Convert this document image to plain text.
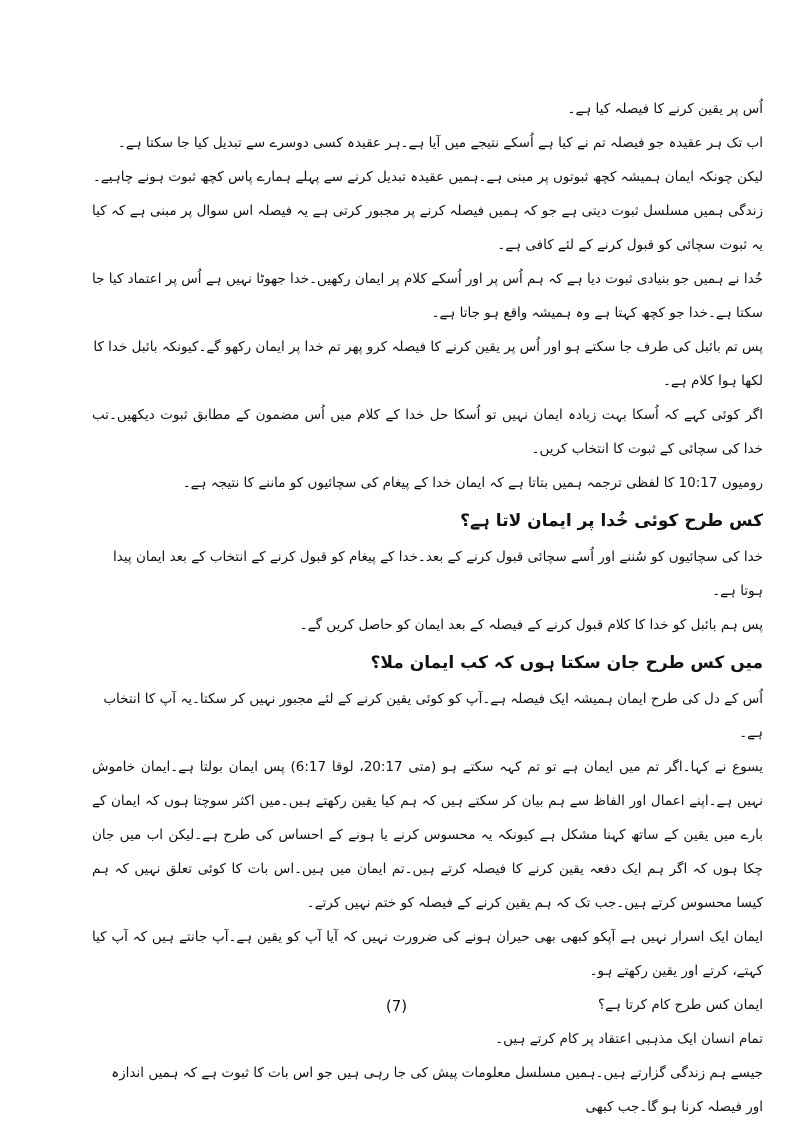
اُس پر یقین کرنے کا فیصلہ کیا ہے۔

اب تک ہر عقیدہ جو فیصلہ تم نے کیا ہے اُسکے نتیجے میں آیا ہے۔ہر عقیدہ کسی دوسرے سے تبدیل کیا جا سکتا ہے۔

لیکن چونکہ ایمان ہمیشہ کچھ ثبوتوں پر مبنی ہے۔ہمیں عقیدہ تبدیل کرنے سے پہلے ہمارے پاس کچھ ثبوت ہونے چاہیے۔

زندگی ہمیں مسلسل ثبوت دیتی ہے جو کہ ہمیں فیصلہ کرنے پر مجبور کرتی ہے یہ فیصلہ اس سوال پر مبنی ہے کہ کیا یہ ثبوت سچائی کو قبول کرنے کے لئے کافی ہے۔

خُدا نے ہمیں جو بنیادی ثبوت دیا ہے کہ ہم اُس پر اور اُسکے کلام پر ایمان رکھیں۔خدا جھوٹا نہیں ہے اُس پر اعتماد کیا جا سکتا ہے۔خدا جو کچھ کہتا ہے وہ ہمیشہ واقع ہو جاتا ہے۔

پس تم بائبل کی طرف جا سکتے ہو اور اُس پر یقین کرنے کا فیصلہ کرو پھر تم خدا پر ایمان رکھو گے۔کیونکہ بائبل خدا کا لکھا ہوا کلام ہے۔

اگر کوئی کہے کہ اُسکا بہت زیادہ ایمان نہیں تو اُسکا حل خدا کے کلام میں اُس مضمون کے مطابق ثبوت دیکھیں۔تب خدا کی سچائی کے ثبوت کا انتخاب کریں۔

رومیوں 10:17 کا لفظی ترجمہ ہمیں بتاتا ہے کہ ایمان خدا کے پیغام کی سچائیوں کو ماننے کا نتیجہ ہے۔

کس طرح کوئی خُدا پر ایمان لاتا ہے؟

خدا کی سچائیوں کو سُننے اور اُسے سچائی قبول کرنے کے بعد۔خدا کے پیغام کو قبول کرنے کے انتخاب کے بعد ایمان پیدا ہوتا ہے۔

پس ہم بائبل کو خدا کا کلام قبول کرنے کے فیصلہ کے بعد ایمان کو حاصل کریں گے۔

میں کس طرح جان سکتا ہوں کہ کب ایمان ملا؟

اُس کے دل کی طرح ایمان ہمیشہ ایک فیصلہ ہے۔آپ کو کوئی یقین کرنے کے لئے مجبور نہیں کر سکتا۔یہ آپ کا انتخاب ہے۔

یسوع نے کہا۔اگر تم میں ایمان ہے تو تم کہہ سکتے ہو (متی 20:17، لوقا 6:17) پس ایمان بولتا ہے۔ایمان خاموش نہیں ہے۔اپنے اعمال اور الفاظ سے ہم بیان کر سکتے ہیں کہ ہم کیا یقین رکھتے ہیں۔میں اکثر سوچتا ہوں کہ ایمان کے بارے میں یقین کے ساتھ کہنا مشکل ہے کیونکہ یہ محسوس کرنے یا ہونے کے احساس کی طرح ہے۔لیکن اب میں جان چکا ہوں کہ اگر ہم ایک دفعہ یقین کرنے کا فیصلہ کرتے ہیں۔تم ایمان میں ہیں۔اس بات کا کوئی تعلق نہیں کہ ہم کیسا محسوس کرتے ہیں۔جب تک کہ ہم یقین کرنے کے فیصلہ کو ختم نہیں کرتے۔

ایمان ایک اسرار نہیں ہے آپکو کبھی بھی حیران ہونے کی ضرورت نہیں کہ آیا آپ کو یقین ہے۔آپ جانتے ہیں کہ آپ کیا کہتے، کرتے اور یقین رکھتے ہو۔

ایمان کس طرح کام کرتا ہے؟

تمام انسان ایک مذہبی اعتقاد پر کام کرتے ہیں۔

جیسے ہم زندگی گزارتے ہیں۔ہمیں مسلسل معلومات پیش کی جا رہی ہیں جو اس بات کا ثبوت ہے کہ ہمیں اندازہ اور فیصلہ کرنا ہو گا۔جب کبھی

(7)
